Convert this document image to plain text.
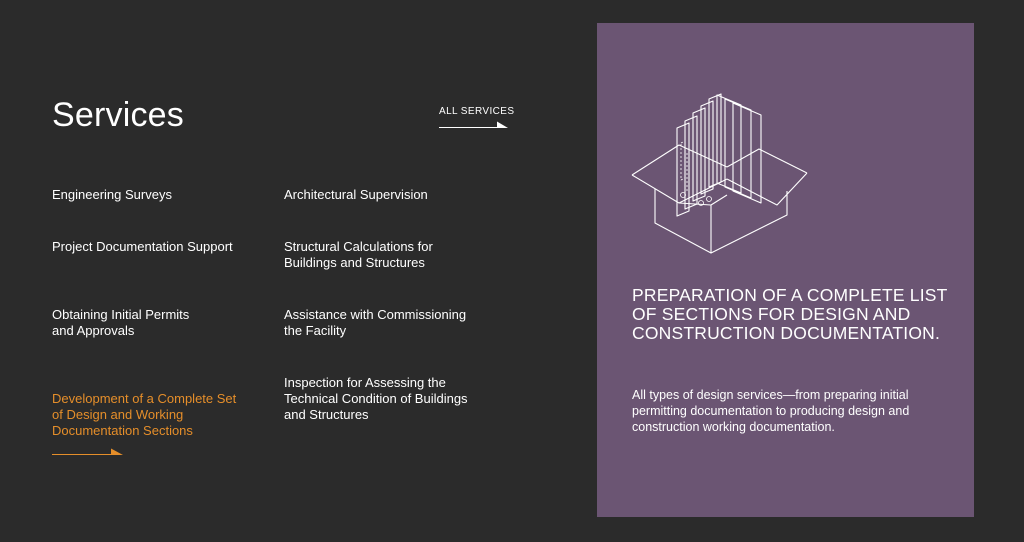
Services	ALL SERVICES
Engineering Surveys
Project Documentation Support
Obtaining Initial Permits
and Approvals

Development of a Complete Set
of Design and Working
Documentation Sections

Architectural Supervision
Structural Calculations for
Buildings and Structures
Assistance with Commissioning
the Facility
Inspection for Assessing the
Technical Condition of Buildings
and Structures
PREPARATION OF A COMPLETE LIST OF SECTIONS FOR DESIGN AND CONSTRUCTION DOCUMENTATION.

All types of design services—from preparing initial permitting documentation to producing design and construction working documentation.
